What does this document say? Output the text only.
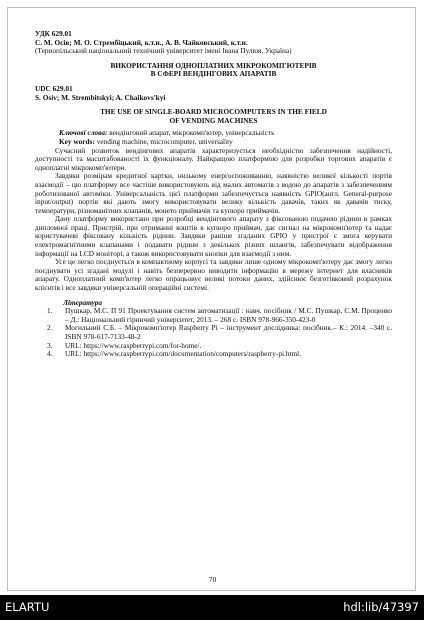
УДК 629.01

С. М. Осів; М. О. Стрембіцький, к.т.н., А. В. Чайковський, к.т.н.

(Тернопільський національний технічний університет імені Івана Пулюя, Україна)

ВИКОРИСТАННЯ ОДНОПЛАТНИХ МІКРОКОМП'ЮТЕРІВ

В СФЕРІ ВЕНДІНГОВИХ АПАРАТІВ

UDC 629.01

S. Osiv; M. Strembitskyi; A. Chaikovs'kyi

THE USE OF SINGLE-BOARD MICROCOMPUTERS IN THE FIELD

OF VENDING MACHINES

Ключові слова: вендінговий апарат, мікрокомп'ютер, універсальність

Key words: vending machine, microcomputer, universality

Сучасний розвиток вендінгових апаратів характеризується необхідністю забезпечення надійності, доступності та масштабованості їх функціоналу. Найкращою платформою для розробки торгових апаратів є одноплатні мікрокомп'ютери.

Завдяки розмірам кредитної картки, низькому енергоспоживанню, наявністю великої кількості портів взаємодії – цю платформу все частіше використовують від малих автоматів з водою до апаратів з забезпеченням роботизованої автоміки. Універсальність цієї платформи забезпечується наявність GPIO(англ. General-purpose input/output) портів які дають змогу використовувати велику кількість давачів, таких як давачів тиску, температури, різноманітних клапанів, монето приймачів та купюро приймачів.

Дану платформу використано при розробці вендінгового апарату з фіксованою подачею рідини в рамках дипломної праці. Пристрій, при отриманні коштів в купюро приймач, дає сигнал на мікрокомп'ютер та надає користувачеві фіксовану кількість рідини. Завдяки раніше згаданих GPIO у пристрої є змога керувати електромагнітними клапанами і подавати рідини з декількох різних шлангів, забезпечувати відображення інформації на LCD моніторі, а також використовувати кнопки для взаємодії з ним.

Усе це легко поєднується в компактному корпусі та завдяки лише одному мікрокомп'ютеру дає змогу легко поєднувати усі згадані модулі і навіть безперервно виводити інформацію в мережу інтернет для власників апарату. Одноплатний комп'ютер легко опрацьовує великі потоки даних, здійснює безготівковий розрахунок клієнтів і все завдяки універсальній операційні системі.

Література

1. Пушкар, М.С. П 91 Проектування систем автоматизації : навч. посібник / М.С. Пушкар, С.М. Проценко – Д.: Національний гірничий університет, 2013. – 268 с. ISBN 978-966-350-423-0
2. Могильний С.Б. – Мікрокомп'ютер Raspberry Pi – інструмент дослідника: посібник.– К.: 2014. –340 с. ISBN 978-617-7133-48-2
3. URL: https://www.raspberrypi.com/for-home/.
4. URL: https://www.raspberrypi.com/documentation/computers/raspberry-pi.html.
70
ELARTU	hdl:lib/47397
